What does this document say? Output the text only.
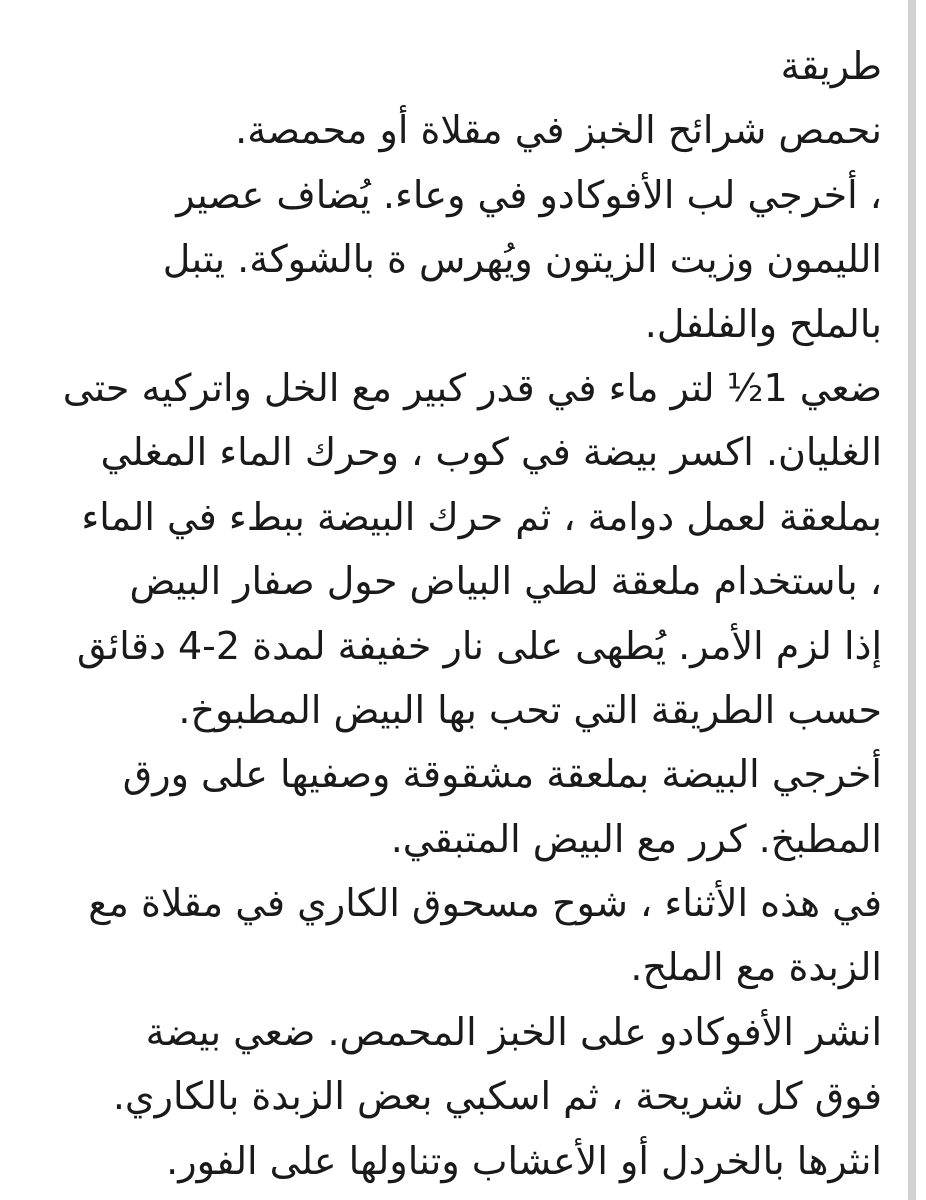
طريقة
نحمص شرائح الخبز في مقلاة أو محمصة.
، أخرجي لب الأفوكادو في وعاء. يُضاف عصير
الليمون وزيت الزيتون ويُهرس ة بالشوكة. يتبل
بالملح والفلفل.
ضعي 1½ لتر ماء في قدر كبير مع الخل واتركيه حتى
الغليان. اكسر بيضة في كوب ، وحرك الماء المغلي
بملعقة لعمل دوامة ، ثم حرك البيضة ببطء في الماء
، باستخدام ملعقة لطي البياض حول صفار البيض
إذا لزم الأمر. يُطهى على نار خفيفة لمدة 2-4 دقائق
حسب الطريقة التي تحب بها البيض المطبوخ.
أخرجي البيضة بملعقة مشقوقة وصفيها على ورق
المطبخ. كرر مع البيض المتبقي.
في هذه الأثناء ، شوح مسحوق الكاري في مقلاة مع
الزبدة مع الملح.
انشر الأفوكادو على الخبز المحمص. ضعي بيضة
فوق كل شريحة ، ثم اسكبي بعض الزبدة بالكاري.
انثرها بالخردل أو الأعشاب وتناولها على الفور.
